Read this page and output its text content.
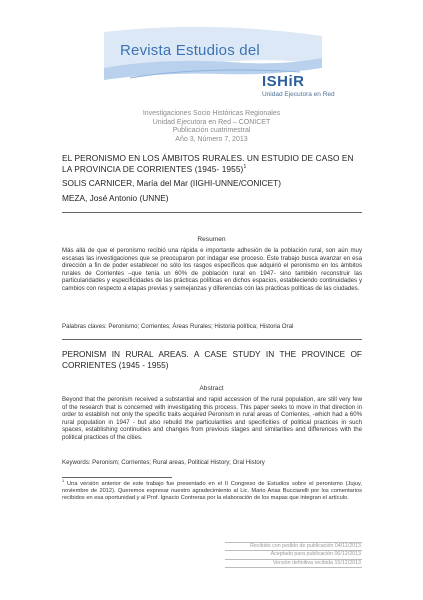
Revista Estudios del
ISHiR
Unidad Ejecutora en Red
Investigaciones Socio Históricas Regionales
Unidad Ejecutora en Red – CONICET
Publicación cuatrimestral
Año 3, Número 7, 2013
EL PERONISMO EN LOS ÁMBITOS RURALES. UN ESTUDIO DE CASO EN LA PROVINCIA DE CORRIENTES (1945- 1955)$^1$
SOLIS CARNICER, María del Mar (IIGHI-UNNE/CONICET)
MEZA, José Antonio (UNNE)
Resumen
Más allá de que el peronismo recibió una rápida e importante adhesión de la población rural, son aún muy escasas las investigaciones que se preocuparon por indagar ese proceso. Este trabajo busca avanzar en esa dirección a fin de poder establecer no sólo los rasgos específicos que adquirió el peronismo en los ámbitos rurales de Corrientes –que tenía un 60% de población rural en 1947- sino también reconstruir las particularidades y especificidades de las prácticas políticas en dichos espacios, estableciendo continuidades y cambios con respecto a etapas previas y semejanzas y diferencias con las prácticas políticas de las ciudades.
Palabras claves: Peronismo; Corrientes; Áreas Rurales; Historia política; Historia Oral
PERONISM IN RURAL AREAS. A CASE STUDY IN THE PROVINCE OF CORRIENTES (1945 - 1955)
Abstract
Beyond that the peronism received a substantial and rapid accession of the rural population, are still very few of the research that is concerned with investigating this process. This paper seeks to move in that direction in order to establish not only the specific traits acquired Peronism in rural areas of Corrientes, -which had a 60% rural population in 1947 - but also rebuild the particularities and specificities of political practices in such spaces, establishing continuities and changes from previous stages and similarities and differences with the political practices of the cities.
Keywords: Peronism; Corrientes; Rural areas, Political History; Oral History
$^1$ Una versión anterior de este trabajo fue presentado en el II Congreso de Estudios sobre el peronismo (Jujuy, noviembre de 2012). Queremos expresar nuestro agradecimiento al Lic. Mario Arias Bucciarelli por los comentarios recibidos en esa oportunidad y al Prof. Ignacio Contreras por la elaboración de los mapas que integran el artículo.
Recibido con pedido de publicación 04/11/2013
Aceptado para publicación 06/12/2013
Versión definitiva recibida 15/12/2013
